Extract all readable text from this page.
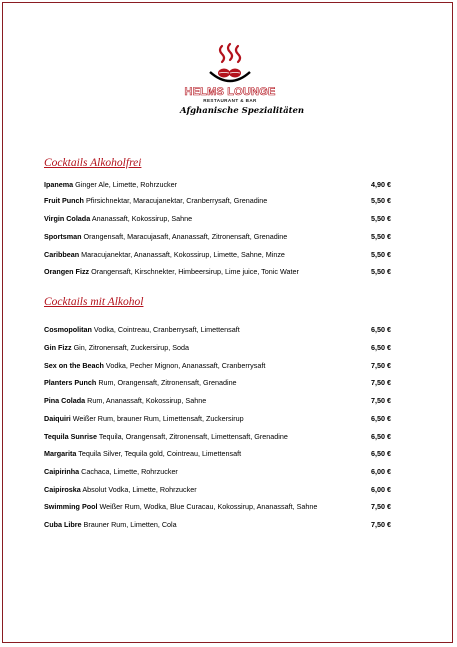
HELMS LOUNGE
RESTAURANT & BAR
Afghanische Spezialitäten
Cocktails Alkoholfrei
Ipanema Ginger Ale, Limette, Rohrzucker	4,90 €
Fruit Punch Pfirsichnektar, Maracujanektar, Cranberrysaft, Grenadine	5,50 €
Virgin Colada Ananassaft, Kokossirup, Sahne	5,50 €
Sportsman Orangensaft, Maracujasaft, Ananassaft, Zitronensaft, Grenadine	5,50 €
Caribbean Maracujanektar, Ananassaft, Kokossirup, Limette, Sahne, Minze	5,50 €
Orangen Fizz Orangensaft, Kirschnekter, Himbeersirup, Lime juice, Tonic Water	5,50 €
Cocktails mit Alkohol
Cosmopolitan Vodka, Cointreau, Cranberrysaft, Limettensaft	6,50 €
Gin Fizz Gin, Zitronensaft, Zuckersirup, Soda	6,50 €
Sex on the Beach Vodka, Pecher Mignon, Ananassaft, Cranberrysaft	7,50 €
Planters Punch Rum, Orangensaft, Zitronensaft, Grenadine	7,50 €
Pina Colada Rum, Ananassaft, Kokossirup, Sahne	7,50 €
Daiquiri Weißer Rum, brauner Rum, Limettensaft, Zuckersirup	6,50 €
Tequila Sunrise Tequila, Orangensaft, Zitronensaft, Limettensaft, Grenadine	6,50 €
Margarita Tequila Silver, Tequila gold, Cointreau, Limettensaft	6,50 €
Caipirinha Cachaca, Limette, Rohrzucker	6,00 €
Caipiroska Absolut Vodka, Limette, Rohrzucker	6,00 €
Swimming Pool Weißer Rum, Wodka, Blue Curacau, Kokossirup, Ananassaft, Sahne	7,50 €
Cuba Libre Brauner Rum, Limetten, Cola	7,50 €
